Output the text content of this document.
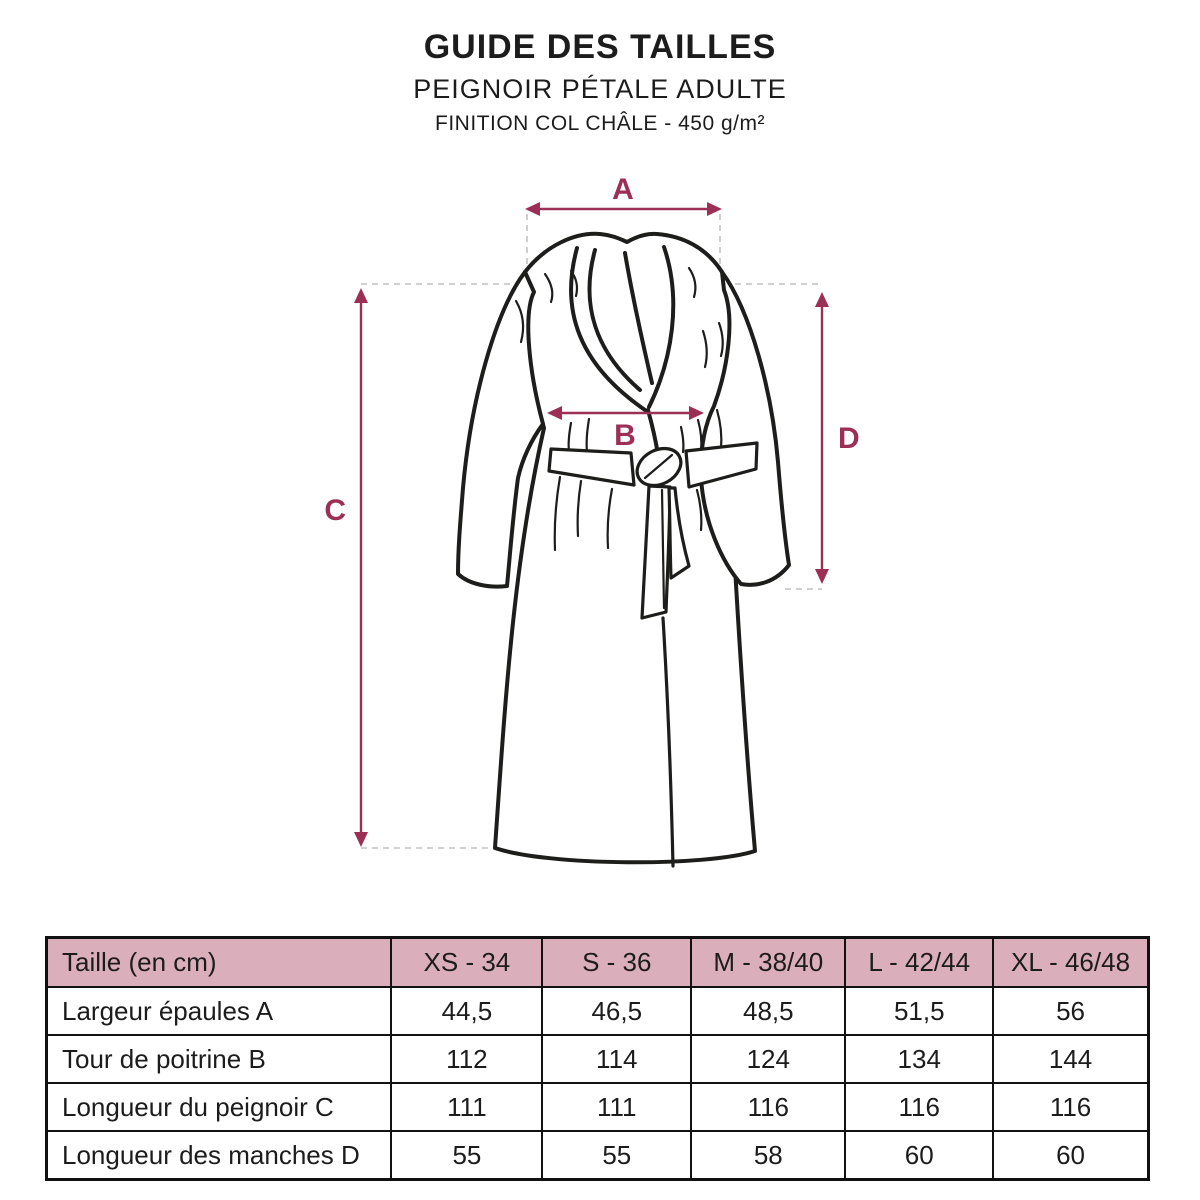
GUIDE DES TAILLES
PEIGNOIR PÉTALE ADULTE
FINITION COL CHÂLE - 450 g/m²
A
B
C
D
Taille (en cm)	XS - 34	S - 36	M - 38/40	L - 42/44	XL - 46/48
Largeur épaules A	44,5	46,5	48,5	51,5	56
Tour de poitrine B	112	114	124	134	144
Longueur du peignoir C	111	111	116	116	116
Longueur des manches D	55	55	58	60	60
